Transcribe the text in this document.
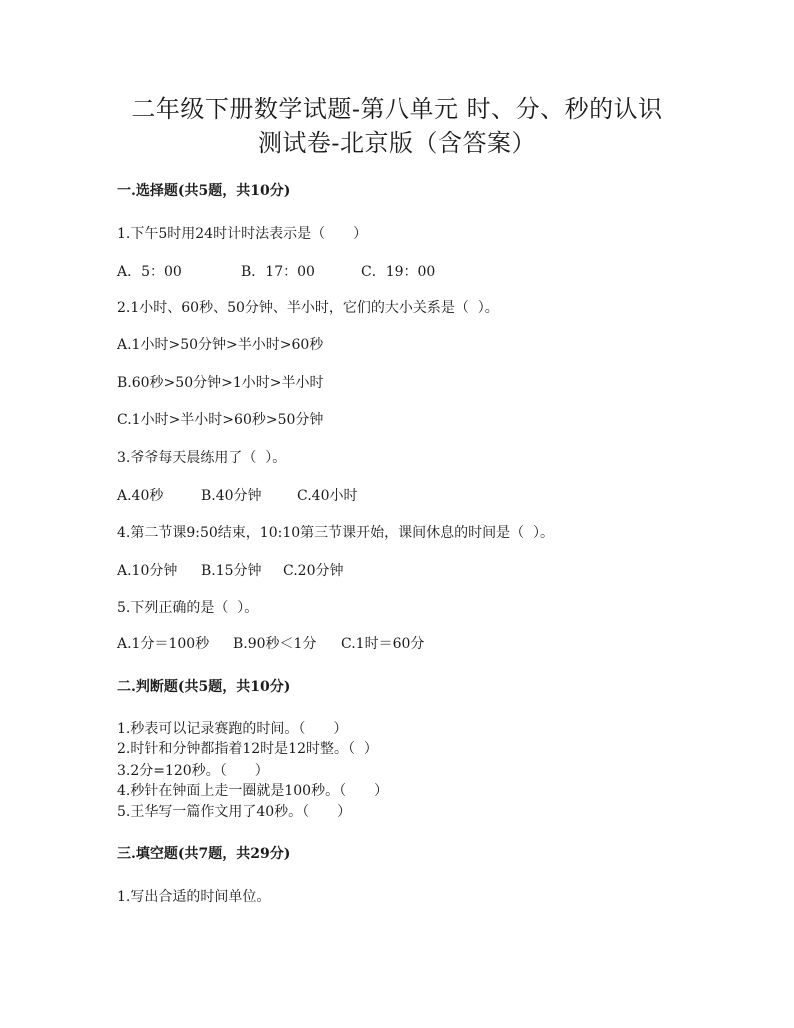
二年级下册数学试题-第八单元 时、分、秒的认识
测试卷-北京版（含答案）
一.选择题(共5题，共10分)
1.下午5时用24时计时法表示是（　　）
A．5：00	B．17：00	C．19：00
2.1小时、60秒、50分钟、半小时，它们的大小关系是（  ）。
A.1小时>50分钟>半小时>60秒
B.60秒>50分钟>1小时>半小时
C.1小时>半小时>60秒>50分钟
3.爷爷每天晨练用了（  ）。
A.40秒	B.40分钟	C.40小时
4.第二节课9:50结束，10:10第三节课开始，课间休息的时间是（  ）。
A.10分钟 B.15分钟 C.20分钟
5.下列正确的是（  ）。
A.1分＝100秒 B.90秒＜1分 C.1时＝60分
二.判断题(共5题，共10分)
1.秒表可以记录赛跑的时间。（　　）
2.时针和分钟都指着12时是12时整。（  ）
3.2分=120秒。（　　）
4.秒针在钟面上走一圈就是100秒。（　　）
5.王华写一篇作文用了40秒。（　　）
三.填空题(共7题，共29分)
1.写出合适的时间单位。
